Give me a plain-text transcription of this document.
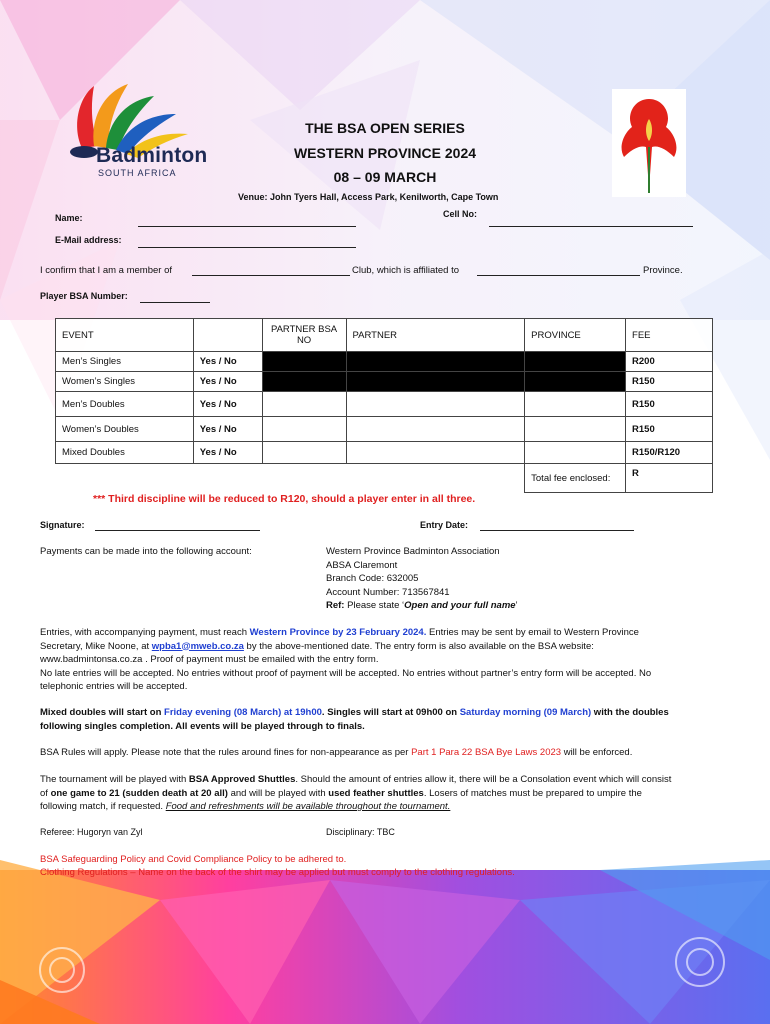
Badminton
SOUTH AFRICA
THE BSA OPEN SERIES
WESTERN PROVINCE 2024
08 – 09 MARCH
Venue: John Tyers Hall, Access Park, Kenilworth, Cape Town
Name:	Cell No:
E-Mail address:
I confirm that I am a member of	Club, which is affiliated to	Province.
Player BSA Number:
EVENT		PARTNER BSA NO	PARTNER	PROVINCE	FEE
Men’s Singles	Yes / No				R200
Women’s Singles	Yes / No				R150
Men’s Doubles	Yes / No				R150
Women’s Doubles	Yes / No				R150
Mixed Doubles	Yes / No				R150/R120
				Total fee enclosed:	R
*** Third discipline will be reduced to R120, should a player enter in all three.
Signature:	Entry Date:
Payments can be made into the following account:	Western Province Badminton Association
ABSA Claremont
Branch Code: 632005
Account Number: 713567841
Ref: Please state ‘Open and your full name’
Entries, with accompanying payment, must reach Western Province by 23 February 2024. Entries may be sent by email to Western Province Secretary, Mike Noone, at wpba1@mweb.co.za by the above-mentioned date. The entry form is also available on the BSA website: www.badmintonsa.co.za . Proof of payment must be emailed with the entry form.
No late entries will be accepted. No entries without proof of payment will be accepted. No entries without partner’s entry form will be accepted. No telephonic entries will be accepted.
Mixed doubles will start on Friday evening (08 March) at 19h00. Singles will start at 09h00 on Saturday morning (09 March) with the doubles following singles completion. All events will be played through to finals.
BSA Rules will apply. Please note that the rules around fines for non-appearance as per Part 1 Para 22 BSA Bye Laws 2023 will be enforced.
The tournament will be played with BSA Approved Shuttles. Should the amount of entries allow it, there will be a Consolation event which will consist of one game to 21 (sudden death at 20 all) and will be played with used feather shuttles. Losers of matches must be prepared to umpire the following match, if requested. Food and refreshments will be available throughout the tournament.
Referee: Hugoryn van Zyl	Disciplinary: TBC
BSA Safeguarding Policy and Covid Compliance Policy to be adhered to.
Clothing Regulations – Name on the back of the shirt may be applied but must comply to the clothing regulations.
